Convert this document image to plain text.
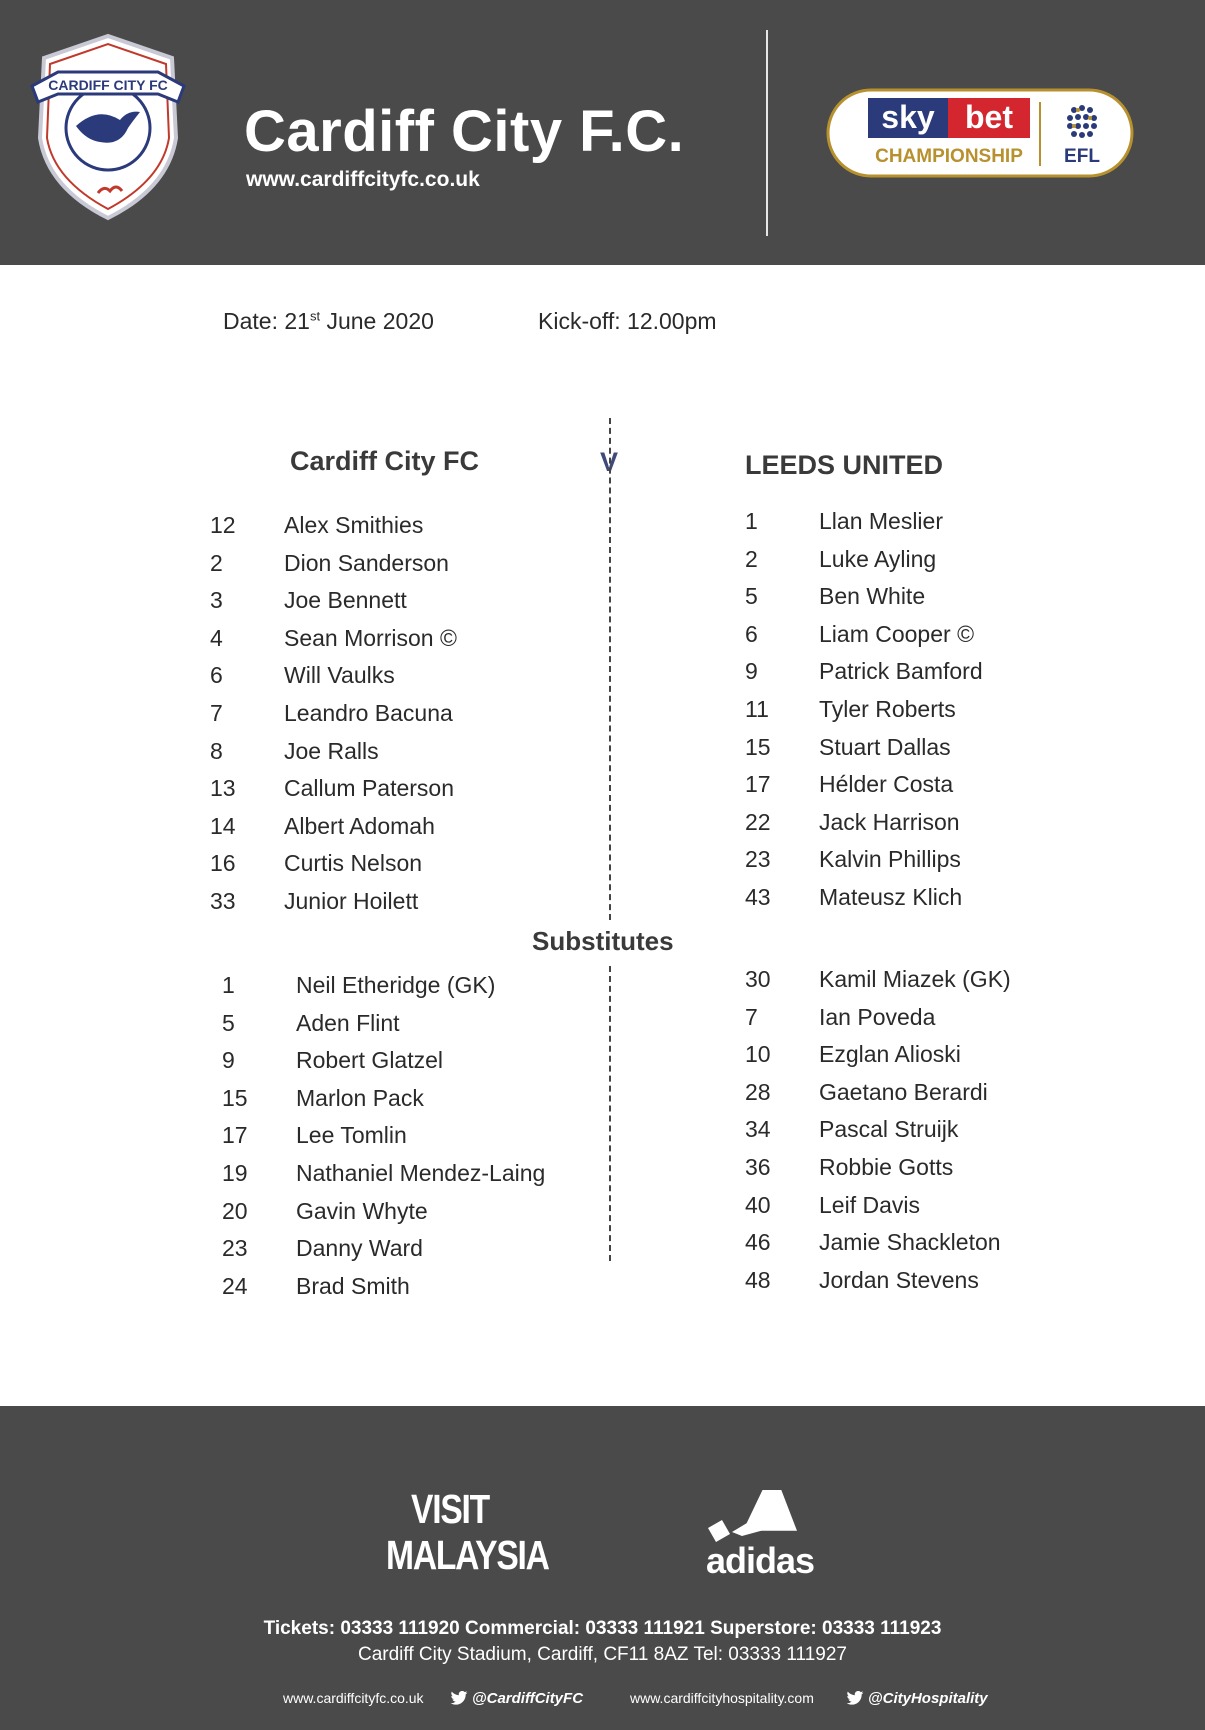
CARDIFF CITY FC
Cardiff City F.C.
www.cardiffcityfc.co.uk
sky bet
CHAMPIONSHIP EFL
Date: 21st June 2020	Kick-off: 12.00pm
Cardiff City FC	V	LEEDS UNITED
12 Alex Smithies
2	Dion Sanderson
3	Joe Bennett
4	Sean Morrison ©
6	Will Vaulks
7	Leandro Bacuna
8	Joe Ralls
13 Callum Paterson
14 Albert Adomah
16 Curtis Nelson
33 Junior Hoilett
1	Llan Meslier
2	Luke Ayling
5	Ben White
6	Liam Cooper ©
9	Patrick Bamford
11 Tyler Roberts
15 Stuart Dallas
17 Hélder Costa
22 Jack Harrison
23 Kalvin Phillips
43 Mateusz Klich
Substitutes
1	Neil Etheridge (GK)
5	Aden Flint
9	Robert Glatzel
15 Marlon Pack
17 Lee Tomlin
19 Nathaniel Mendez-Laing
20 Gavin Whyte
23 Danny Ward
24 Brad Smith
30 Kamil Miazek (GK)
7	Ian Poveda
10 Ezglan Alioski
28 Gaetano Berardi
34 Pascal Struijk
36 Robbie Gotts
40 Leif Davis
46 Jamie Shackleton
48 Jordan Stevens
VISIT
MALAYSIA	adidas
Tickets: 03333 111920 Commercial: 03333 111921 Superstore: 03333 111923
Cardiff City Stadium, Cardiff, CF11 8AZ Tel: 03333 111927
www.cardiffcityfc.co.uk	@CardiffCityFC	www.cardiffcityhospitality.com	@CityHospitality
